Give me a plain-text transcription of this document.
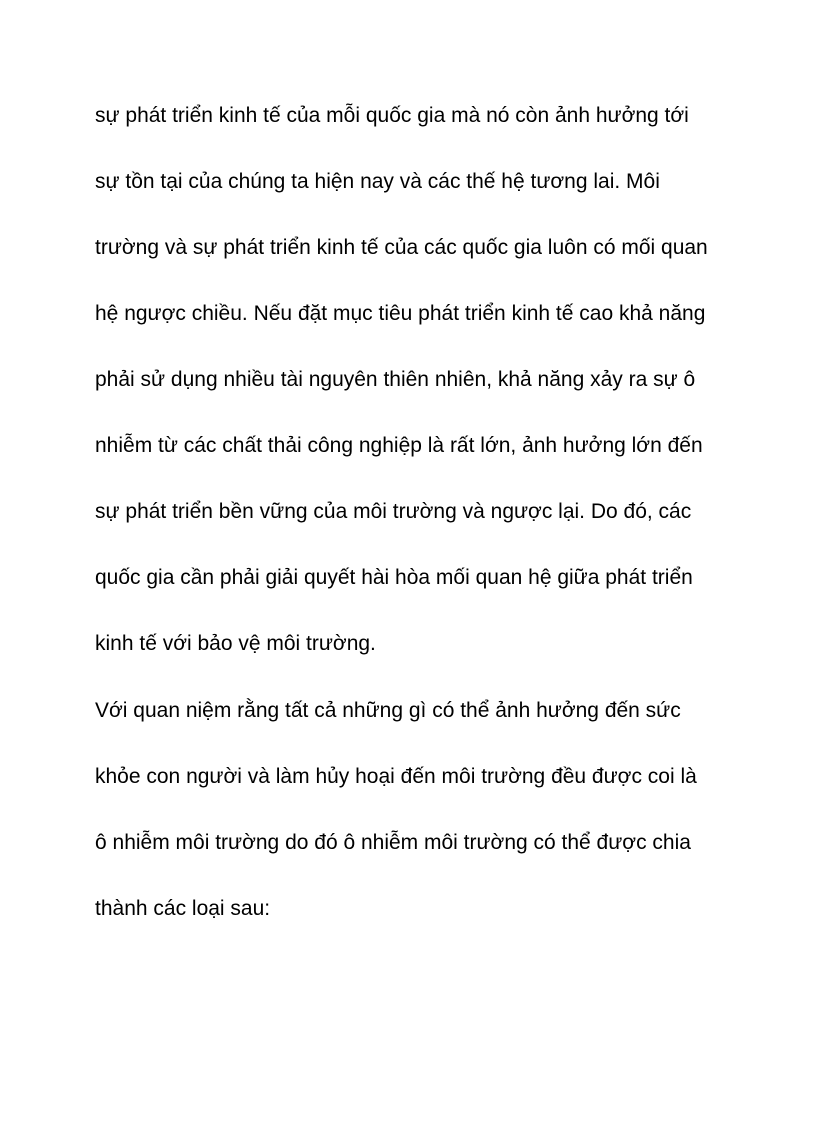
sự phát triển kinh tế của mỗi quốc gia mà nó còn ảnh hưởng tới
sự tồn tại của chúng ta hiện nay và các thế hệ tương lai. Môi
trường và sự phát triển kinh tế của các quốc gia luôn có mối quan
hệ ngược chiều. Nếu đặt mục tiêu phát triển kinh tế cao khả năng
phải sử dụng nhiều tài nguyên thiên nhiên, khả năng xảy ra sự ô
nhiễm từ các chất thải công nghiệp là rất lớn, ảnh hưởng lớn đến
sự phát triển bền vững của môi trường và ngược lại. Do đó, các
quốc gia cần phải giải quyết hài hòa mối quan hệ giữa phát triển
kinh tế với bảo vệ môi trường.

Với quan niệm rằng tất cả những gì có thể ảnh hưởng đến sức
khỏe con người và làm hủy hoại đến môi trường đều được coi là
ô nhiễm môi trường do đó ô nhiễm môi trường có thể được chia
thành các loại sau:
